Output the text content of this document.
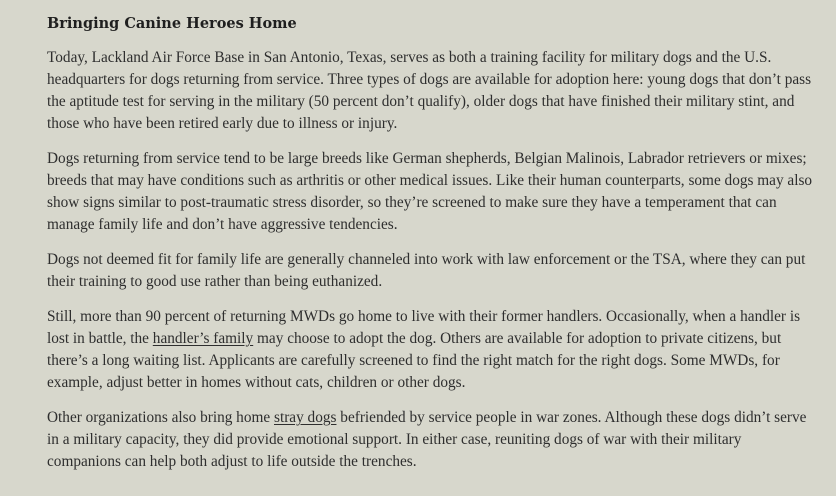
Bringing Canine Heroes Home

Today, Lackland Air Force Base in San Antonio, Texas, serves as both a training facility for military dogs and the U.S. headquarters for dogs returning from service. Three types of dogs are available for adoption here: young dogs that don’t pass the aptitude test for serving in the military (50 percent don’t qualify), older dogs that have finished their military stint, and those who have been retired early due to illness or injury.

Dogs returning from service tend to be large breeds like German shepherds, Belgian Malinois, Labrador retrievers or mixes; breeds that may have conditions such as arthritis or other medical issues. Like their human counterparts, some dogs may also show signs similar to post-traumatic stress disorder, so they’re screened to make sure they have a temperament that can manage family life and don’t have aggressive tendencies.

Dogs not deemed fit for family life are generally channeled into work with law enforcement or the TSA, where they can put their training to good use rather than being euthanized.

Still, more than 90 percent of returning MWDs go home to live with their former handlers. Occasionally, when a handler is lost in battle, the handler’s family may choose to adopt the dog. Others are available for adoption to private citizens, but there’s a long waiting list. Applicants are carefully screened to find the right match for the right dogs. Some MWDs, for example, adjust better in homes without cats, children or other dogs.

Other organizations also bring home stray dogs befriended by service people in war zones. Although these dogs didn’t serve in a military capacity, they did provide emotional support. In either case, reuniting dogs of war with their military companions can help both adjust to life outside the trenches.
